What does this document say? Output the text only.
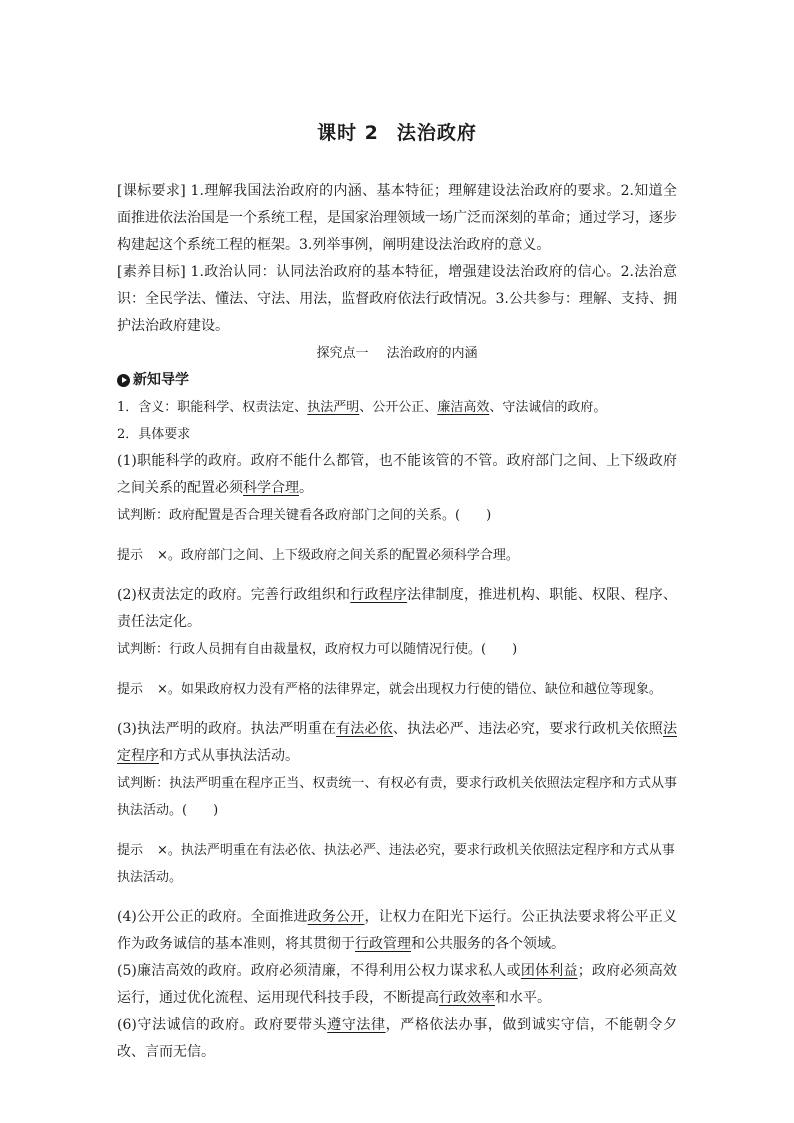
课时 2 法治政府

[课标要求] 1.理解我国法治政府的内涵、基本特征；理解建设法治政府的要求。2.知道全面推进依法治国是一个系统工程，是国家治理领域一场广泛而深刻的革命；通过学习，逐步构建起这个系统工程的框架。3.列举事例，阐明建设法治政府的意义。

[素养目标] 1.政治认同：认同法治政府的基本特征，增强建设法治政府的信心。2.法治意识：全民学法、懂法、守法、用法，监督政府依法行政情况。3.公共参与：理解、支持、拥护法治政府建设。

探究点一 法治政府的内涵
新知导学

1．含义：职能科学、权责法定、执法严明、公开公正、廉洁高效、守法诚信的政府。

2．具体要求

(1)职能科学的政府。政府不能什么都管，也不能该管的不管。政府部门之间、上下级政府之间关系的配置必须科学合理。

试判断：政府配置是否合理关键看各政府部门之间的关系。(　　)

提示 ×。政府部门之间、上下级政府之间关系的配置必须科学合理。

(2)权责法定的政府。完善行政组织和行政程序法律制度，推进机构、职能、权限、程序、责任法定化。

试判断：行政人员拥有自由裁量权，政府权力可以随情况行使。(　　)

提示 ×。如果政府权力没有严格的法律界定，就会出现权力行使的错位、缺位和越位等现象。

(3)执法严明的政府。执法严明重在有法必依、执法必严、违法必究，要求行政机关依照法定程序和方式从事执法活动。

试判断：执法严明重在程序正当、权责统一、有权必有责，要求行政机关依照法定程序和方式从事执法活动。(　　)

提示 ×。执法严明重在有法必依、执法必严、违法必究，要求行政机关依照法定程序和方式从事执法活动。

(4)公开公正的政府。全面推进政务公开，让权力在阳光下运行。公正执法要求将公平正义作为政务诚信的基本准则，将其贯彻于行政管理和公共服务的各个领域。

(5)廉洁高效的政府。政府必须清廉，不得利用公权力谋求私人或团体利益；政府必须高效运行，通过优化流程、运用现代科技手段，不断提高行政效率和水平。

(6)守法诚信的政府。政府要带头遵守法律，严格依法办事，做到诚实守信，不能朝令夕改、言而无信。
